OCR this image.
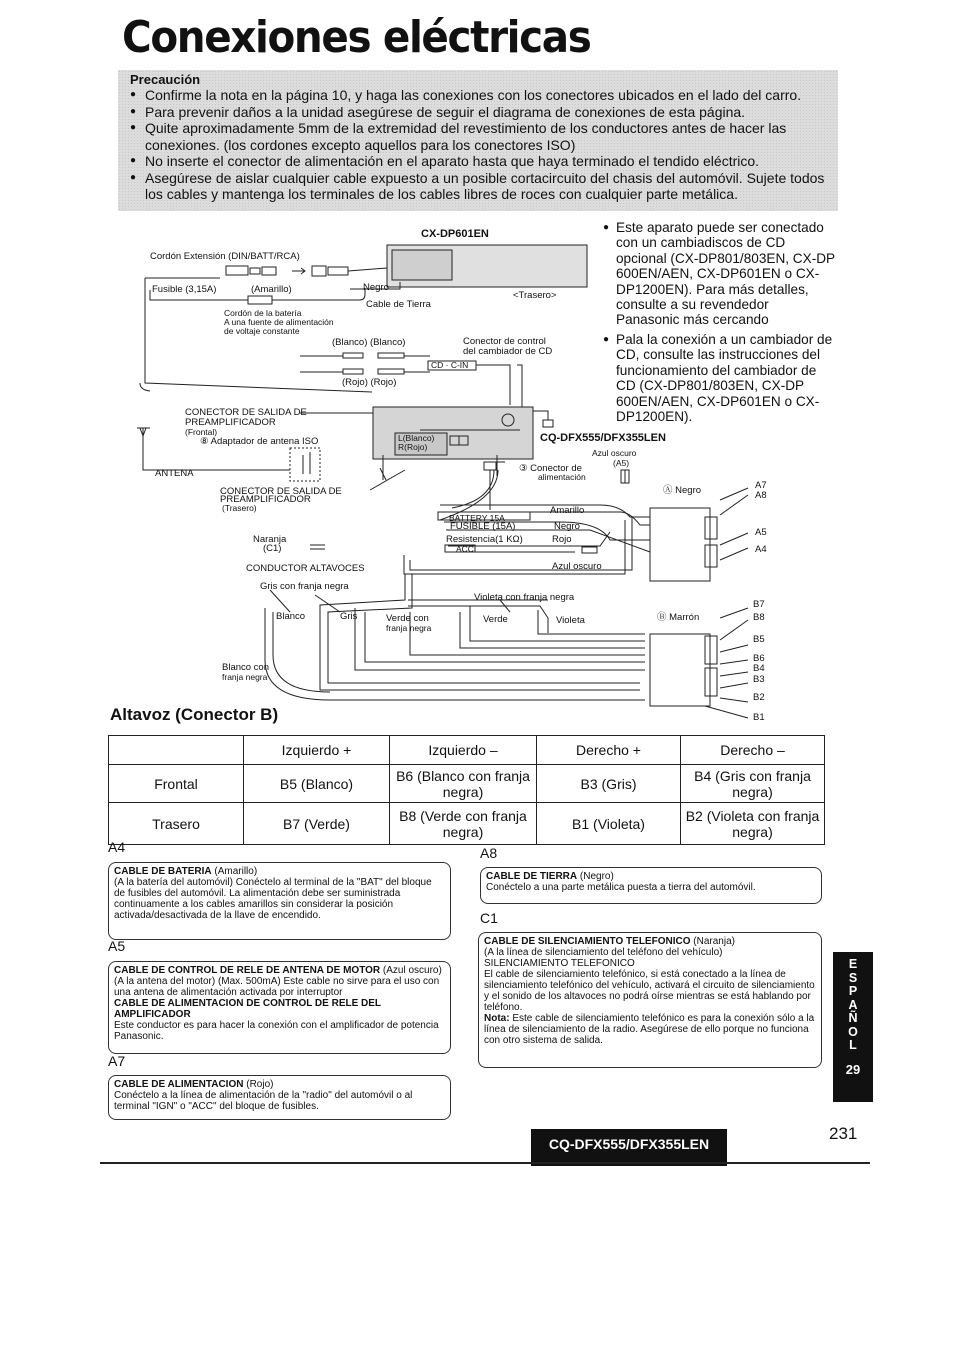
Conexiones eléctricas
Precaución
● Confirme la nota en la página 10, y haga las conexiones con los conectores ubicados en el lado del carro.
● Para prevenir daños a la unidad asegúrese de seguir el diagrama de conexiones de esta página.
● Quite aproximadamente 5mm de la extremidad del revestimiento de los conductores antes de hacer las conexiones. (los cordones excepto aquellos para los conectores ISO)
● No inserte el conector de alimentación en el aparato hasta que haya terminado el tendido eléctrico.
● Asegúrese de aislar cualquier cable expuesto a un posible cortacircuito del chasis del automóvil. Sujete todos los cables y mantenga los terminales de los cables libres de roces con cualquier parte metálica.
● Este aparato puede ser conectado con un cambiadiscos de CD opcional (CX-DP801/803EN, CX-DP 600EN/AEN, CX-DP601EN o CX-DP1200EN). Para más detalles, consulte a su revendedor Panasonic más cercando
● Pala la conexión a un cambiador de CD, consulte las instrucciones del funcionamiento del cambiador de CD (CX-DP801/803EN, CX-DP 600EN/AEN, CX-DP601EN o CX-DP1200EN).
CX-DP601EN
Cordón Extensión (DIN/BATT/RCA)
Fusible (3,15A)	(Amarillo)	Negro
<Trasero>
Cable de Tierra
Cordón de la batería
A una fuente de alimentación
de voltaje constante
(Blanco) (Blanco)	Conector de control
del cambiador de CD
(Rojo) (Rojo)
CD · C-IN
CONECTOR DE SALIDA DE
PREAMPLIFICADOR
(Frontal)
⑧ Adaptador de antena ISO
ANTENA
L(Blanco)
R(Rojo)
CQ-DFX555/DFX355LEN
CONECTOR DE SALIDA DE
PREAMPLIFICADOR
(Trasero)
Azul oscuro
(A5)
③ Conector de
alimentación
Ⓐ Negro
BATTERY 15A
Amarillo
FUSIBLE (15A)	Negro
Naranja
(C1)
Resistencia(1 KΩ)	Rojo
ACC
CONDUCTOR ALTAVOCES	Azul oscuro
Gris con franja negra
Violeta con franja negra
Blanco	Gris	Verde con
franja negra
Verde	Violeta	Ⓑ Marrón
Blanco con
franja negra
A7
A8
A5
A4
B7
B8
B5
B6
B4
B3
B2
B1
Altavoz (Conector B)
	Izquierdo +	Izquierdo –	Derecho +	Derecho –
Frontal	B5 (Blanco)	B6 (Blanco con franja negra)	B3 (Gris)	B4 (Gris con franja negra)
Trasero	B7 (Verde)	B8 (Verde con franja negra)	B1 (Violeta)	B2 (Violeta con franja negra)
A4
CABLE DE BATERIA (Amarillo)
(A la batería del automóvil) Conéctelo al terminal de la "BAT" del bloque de fusibles del automóvil. La alimentación debe ser suministrada continuamente a los cables amarillos sin considerar la posición activada/desactivada de la llave de encendido.
A5
CABLE DE CONTROL DE RELE DE ANTENA DE MOTOR (Azul oscuro) (A la antena del motor) (Max. 500mA) Este cable no sirve para el uso con una antena de alimentación activada por interruptor
CABLE DE ALIMENTACION DE CONTROL DE RELE DEL AMPLIFICADOR
Este conductor es para hacer la conexión con el amplificador de potencia Panasonic.
A7
CABLE DE ALIMENTACION (Rojo)
Conéctelo a la línea de alimentación de la "radio" del automóvil o al terminal "IGN" o "ACC" del bloque de fusibles.
A8
CABLE DE TIERRA (Negro)
Conéctelo a una parte metálica puesta a tierra del automóvil.
C1
CABLE DE SILENCIAMIENTO TELEFONICO (Naranja)
(A la línea de silenciamiento del teléfono del vehículo)
SILENCIAMIENTO TELEFONICO
El cable de silenciamiento telefónico, si está conectado a la línea de silenciamiento telefónico del vehículo, activará el circuito de silenciamiento y el sonido de los altavoces no podrá oírse mientras se está hablando por teléfono.
Nota: Este cable de silenciamiento telefónico es para la conexión sólo a la línea de silenciamiento de la radio. Asegúrese de ello porque no funciona con otro sistema de salida.
E
S
P
A
Ñ
O
L
29
CQ-DFX555/DFX355LEN
231
